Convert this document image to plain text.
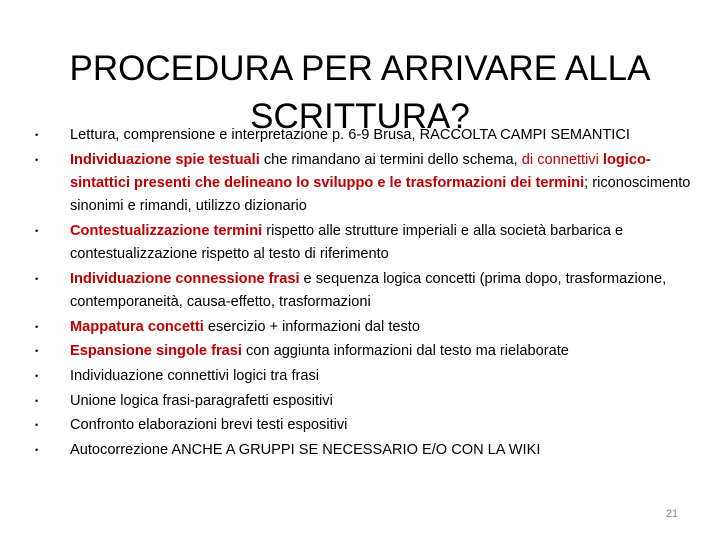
PROCEDURA PER ARRIVARE ALLA
SCRITTURA?
• Lettura, comprensione e interpretazione p. 6-9 Brusa, RACCOLTA CAMPI SEMANTICI
• Individuazione spie testuali che rimandano ai termini dello schema, di connettivi logico-sintattici presenti che delineano lo sviluppo e le trasformazioni dei termini; riconoscimento sinonimi e rimandi, utilizzo dizionario
• Contestualizzazione termini rispetto alle strutture imperiali e alla società barbarica e contestualizzazione rispetto al testo di riferimento
• Individuazione connessione frasi e sequenza logica concetti (prima dopo, trasformazione, contemporaneità, causa-effetto, trasformazioni
• Mappatura concetti esercizio + informazioni dal testo
• Espansione singole frasi con aggiunta informazioni dal testo ma rielaborate
• Individuazione connettivi logici tra frasi
• Unione logica frasi-paragrafetti espositivi
• Confronto elaborazioni brevi testi espositivi
• Autocorrezione ANCHE A GRUPPI SE NECESSARIO E/O CON LA WIKI
21
